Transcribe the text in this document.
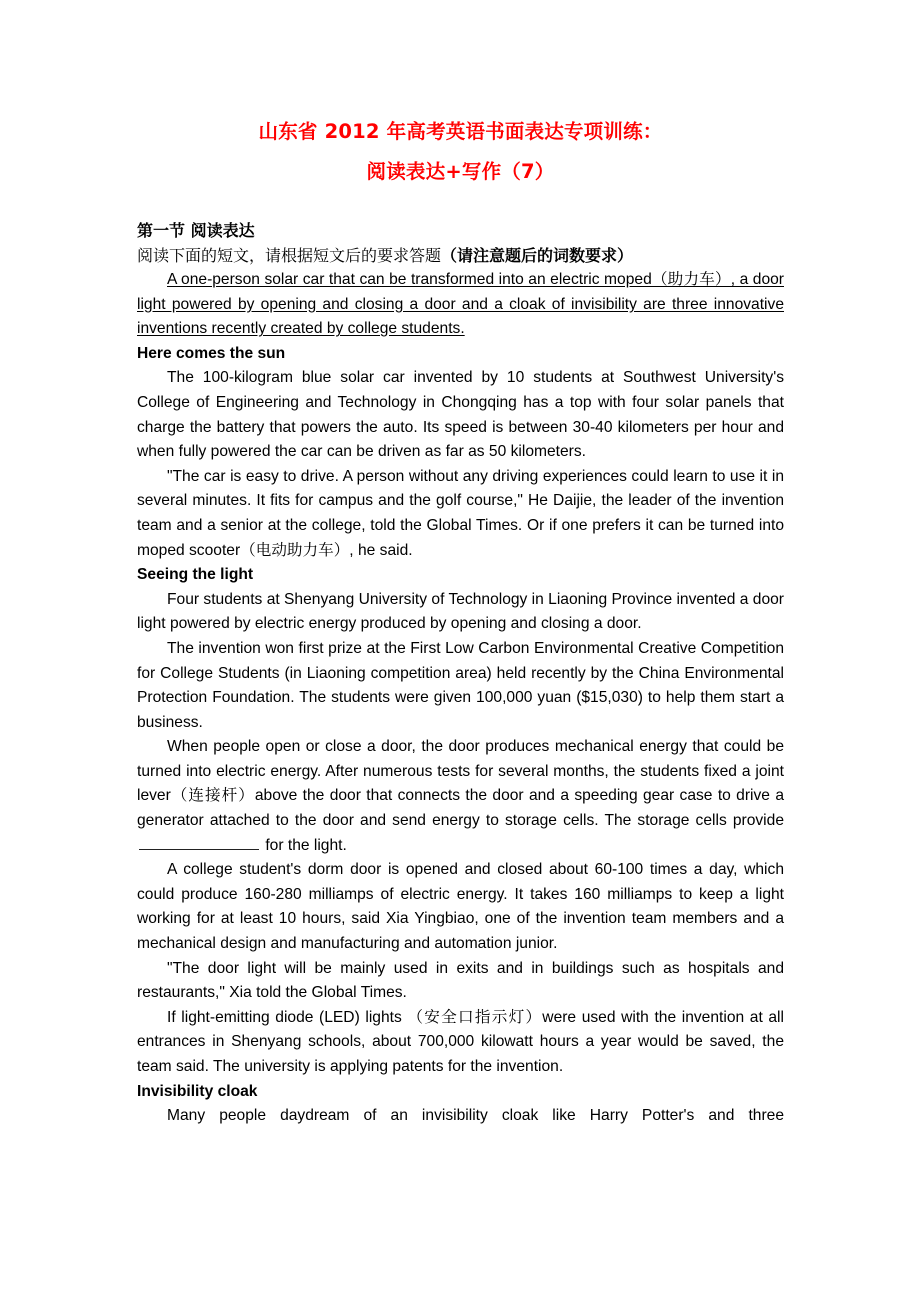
山东省 2012 年高考英语书面表达专项训练：
阅读表达+写作（7）

第一节 阅读表达

阅读下面的短文，请根据短文后的要求答题（请注意题后的词数要求）

A one-person solar car that can be transformed into an electric moped（助力车）, a door light powered by opening and closing a door and a cloak of invisibility are three innovative inventions recently created by college students.

Here comes the sun

The 100-kilogram blue solar car invented by 10 students at Southwest University's College of Engineering and Technology in Chongqing has a top with four solar panels that charge the battery that powers the auto. Its speed is between 30-40 kilometers per hour and when fully powered the car can be driven as far as 50 kilometers.

"The car is easy to drive. A person without any driving experiences could learn to use it in several minutes. It fits for campus and the golf course," He Daijie, the leader of the invention team and a senior at the college, told the Global Times. Or if one prefers it can be turned into moped scooter（电动助力车）, he said.

Seeing the light

Four students at Shenyang University of Technology in Liaoning Province invented a door light powered by electric energy produced by opening and closing a door.

The invention won first prize at the First Low Carbon Environmental Creative Competition for College Students (in Liaoning competition area) held recently by the China Environmental Protection Foundation. The students were given 100,000 yuan ($15,030) to help them start a business.

When people open or close a door, the door produces mechanical energy that could be turned into electric energy. After numerous tests for several months, the students fixed a joint lever（连接杆）above the door that connects the door and a speeding gear case to drive a generator attached to the door and send energy to storage cells. The storage cells provide  for the light.

A college student's dorm door is opened and closed about 60-100 times a day, which could produce 160-280 milliamps of electric energy. It takes 160 milliamps to keep a light working for at least 10 hours, said Xia Yingbiao, one of the invention team members and a mechanical design and manufacturing and automation junior.

"The door light will be mainly used in exits and in buildings such as hospitals and restaurants," Xia told the Global Times.

If light-emitting diode (LED) lights （安全口指示灯）were used with the invention at all entrances in Shenyang schools, about 700,000 kilowatt hours a year would be saved, the team said. The university is applying patents for the invention.

Invisibility cloak

Many people daydream of an invisibility cloak like Harry Potter's and three
